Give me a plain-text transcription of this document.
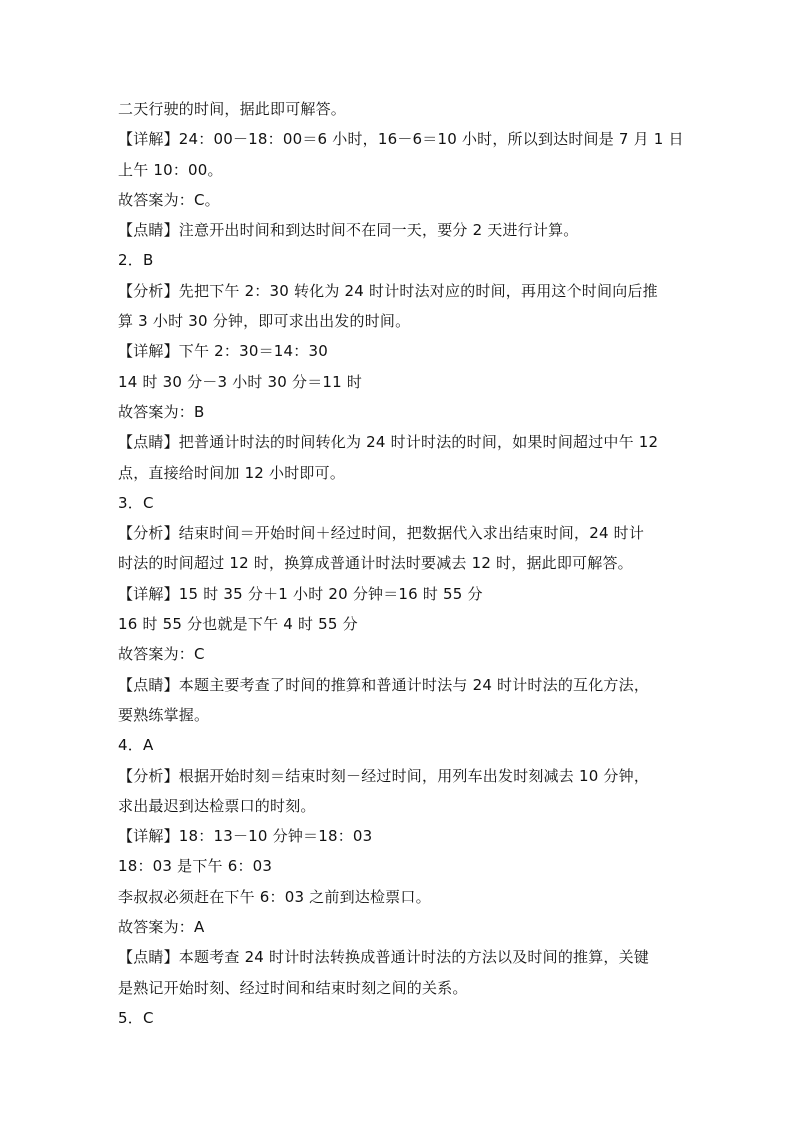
二天行驶的时间，据此即可解答。
【详解】24：00－18：00＝6 小时，16－6＝10 小时，所以到达时间是 7 月 1 日
上午 10：00。
故答案为：C。
【点睛】注意开出时间和到达时间不在同一天，要分 2 天进行计算。
2．B
【分析】先把下午 2：30 转化为 24 时计时法对应的时间，再用这个时间向后推
算 3 小时 30 分钟，即可求出出发的时间。
【详解】下午 2：30＝14：30
14 时 30 分－3 小时 30 分＝11 时
故答案为：B
【点睛】把普通计时法的时间转化为 24 时计时法的时间，如果时间超过中午 12
点，直接给时间加 12 小时即可。
3．C
【分析】结束时间＝开始时间＋经过时间，把数据代入求出结束时间，24 时计
时法的时间超过 12 时，换算成普通计时法时要减去 12 时，据此即可解答。
【详解】15 时 35 分＋1 小时 20 分钟＝16 时 55 分
16 时 55 分也就是下午 4 时 55 分
故答案为：C
【点睛】本题主要考查了时间的推算和普通计时法与 24 时计时法的互化方法，
要熟练掌握。
4．A
【分析】根据开始时刻＝结束时刻－经过时间，用列车出发时刻减去 10 分钟，
求出最迟到达检票口的时刻。
【详解】18：13－10 分钟＝18：03
18：03 是下午 6：03
李叔叔必须赶在下午 6：03 之前到达检票口。
故答案为：A
【点睛】本题考查 24 时计时法转换成普通计时法的方法以及时间的推算，关键
是熟记开始时刻、经过时间和结束时刻之间的关系。
5．C
